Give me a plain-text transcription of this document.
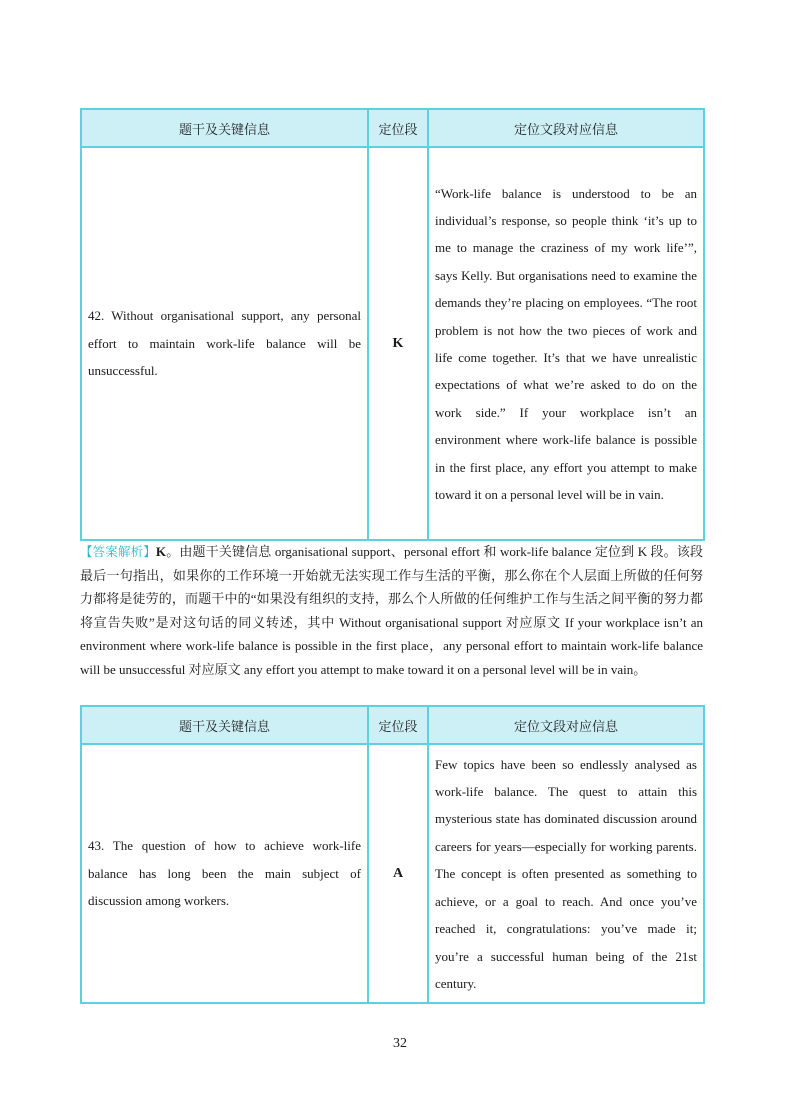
题干及关键信息	定位段	定位文段对应信息
42. Without organisational support, any personal effort to maintain work-life balance will be unsuccessful.	K	“Work-life balance is understood to be an individual’s response, so people think ‘it’s up to me to manage the craziness of my work life’”, says Kelly. But organisations need to examine the demands they’re placing on employees. “The root problem is not how the two pieces of work and life come together. It’s that we have unrealistic expectations of what we’re asked to do on the work side.” If your workplace isn’t an environment where work-life balance is possible in the first place, any effort you attempt to make toward it on a personal level will be in vain.
【答案解析】K。由题干关键信息 organisational support、personal effort 和 work-life balance 定位到 K 段。该段最后一句指出，如果你的工作环境一开始就无法实现工作与生活的平衡，那么你在个人层面上所做的任何努力都将是徒劳的，而题干中的“如果没有组织的支持，那么个人所做的任何维护工作与生活之间平衡的努力都将宣告失败”是对这句话的同义转述，其中 Without organisational support 对应原文 If your workplace isn’t an environment where work-life balance is possible in the first place，any personal effort to maintain work-life balance will be unsuccessful 对应原文 any effort you attempt to make toward it on a personal level will be in vain。
题干及关键信息	定位段	定位文段对应信息
43. The question of how to achieve work-life balance has long been the main subject of discussion among workers.	A	Few topics have been so endlessly analysed as work-life balance. The quest to attain this mysterious state has dominated discussion around careers for years—especially for working parents. The concept is often presented as something to achieve, or a goal to reach. And once you’ve reached it, congratulations: you’ve made it; you’re a successful human being of the 21st century.
32
